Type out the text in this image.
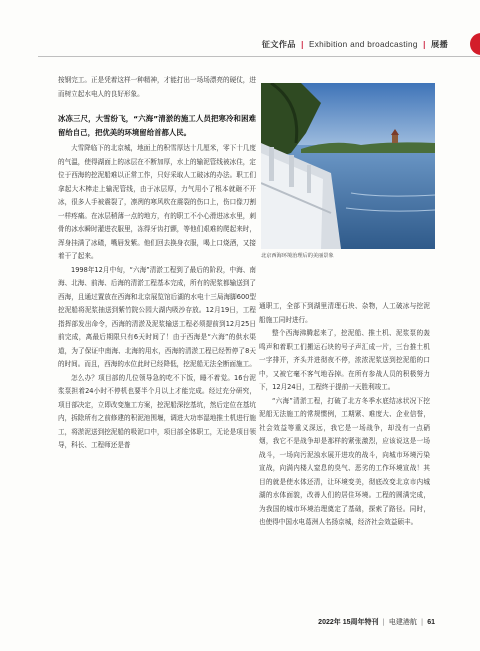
征文作品 | Exhibition and broadcasting | 展播

按钢完工。正是凭着这样一种精神，才能打出一场场漂亮的硬仗，进而树立起水电人的良好形象。

冰冻三尺，大雪纷飞，“六海”清淤的施工人员把寒冷和困难留给自己，把优美的环境留给首都人民。

大雪降临下的北京城，地面上的积雪厚达十几厘米，零下十几度的气温，使得湖面上的冰层在不断加厚，水上的输泥管线被冰住，定位于西海的挖泥船难以正常工作，只好采取人工破冰的办法。职工们拿起大木棒走上输泥管线，由于冰层厚，力气用小了根本就砸不开冰，很多人手被震裂了，凛冽的寒风吹在震裂的伤口上，伤口像刀割一样疼痛。在冰层稍薄一点的地方，有的职工不小心滑进冰水里，刺骨的冰水瞬时灌进衣服里，冻得牙齿打颤，等他们艰难的爬起来时，浑身挂满了冰碴，嘴唇发紫。他们回去换身衣服，喝上口烧酒，又接着干了起来。

1998年12月中旬，“六海”清淤工程到了最后的阶段，中海、南海、北海、前海、后海的清淤工程基本完成，所有的泥浆都输送到了西海，且通过置放在西海和北京展览馆后湖的水电十三局海脚600型挖泥船将泥浆抽送到紫竹院公园大湖内吸沙存放。12月19日，工程指挥部发出命令，西海的清淤及泥浆输送工程必须提前到12月25日前完成，离最后期限只有6天时间了！由于西海是“六海”的供水渠道，为了保证中南海、北海的用水，西海的清淤工程已经暂停了8天的时间。而且，西海的水位此时已经降低，挖泥船无法全断面施工。

怎么办？项目部的几位领导急的吃不下饭，睡不着觉。16台泥浆泵担着24小时不停机也要半个月以上才能完成。经过充分研究，项目部决定，立即改变施工方案，挖泥船深挖基坑，然后定位在基坑内，拆除所有之前修建的积泥池围堰，调进大功率湿地推土机进行施工，将淤泥送到挖泥船的吸泥口中，项目部全体职工，无论是项目领导，科长、工程师还是普

北京西海环境治理后的美丽景象

通职工，全部下到湖里清理石块、杂物，人工破冰与挖泥船施工同时进行。

整个西海沸腾起来了，挖泥船、推土机、泥浆泵的轰鸣声和着职工们搬运石块的号子声汇成一片，三台推土机一字排开，齐头并进彻夜不停，浓浓泥浆送到挖泥船的口中，又被它毫不客气地吞掉。在所有参战人员的积极努力下，12月24日，工程终于提前一天胜利竣工。

“六海”清淤工程，打破了北方冬季水底结冰状况下挖泥船无法施工的常规惯例，工期紧、难度大、企业信誉，社会效益等重义深远，我它是一场战争，却没有一点硝烟，我它不是战争却是那样的紧张激烈，应该说这是一场战斗，一场向污泥浊水展开进攻的战斗，向城市环境污染宣战，向满内楼人窒息的臭气、恶劣的工作环境宣战！其目的就是使水体还清，让环境变美，彻底改变北京市内城湖的水体面貌，改善人们的居住环境。工程的圆满完成，为我国的城市环境治理奠定了基础，探索了路径。同时，也使得中国水电葛洲人名扬京城，经济社会效益硕丰。

2022年 15周年特刊 | 电建港航 | 61
